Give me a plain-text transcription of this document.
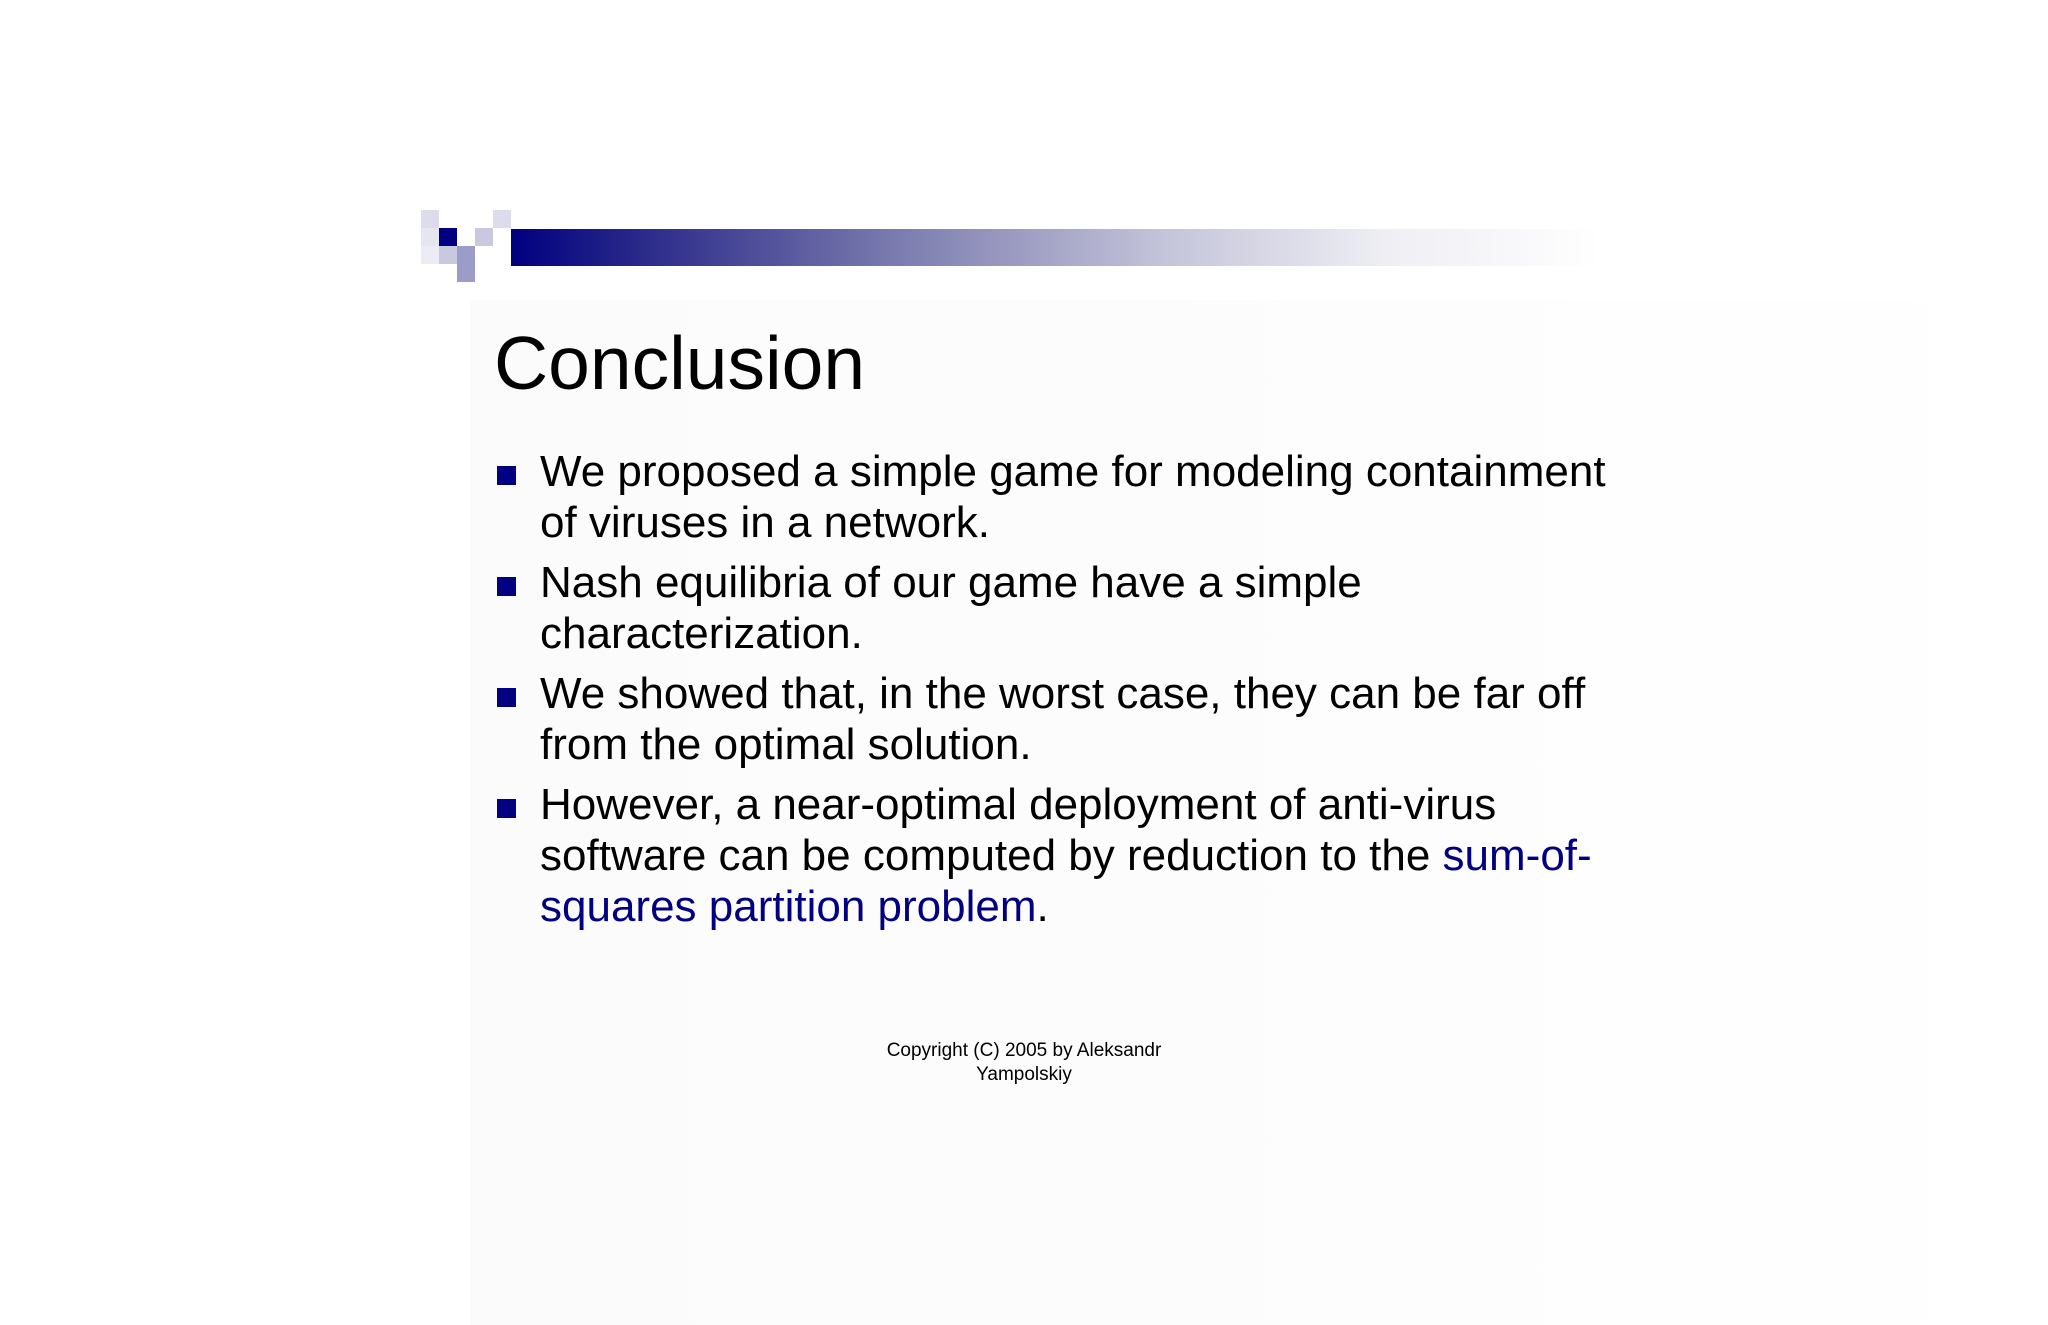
Conclusion
We proposed a simple game for modeling containment of viruses in a network.
Nash equilibria of our game have a simple characterization.
We showed that, in the worst case, they can be far off from the optimal solution.
However, a near-optimal deployment of anti-virus software can be computed by reduction to the sum-of-squares partition problem.
Copyright (C) 2005 by Aleksandr
Yampolskiy
